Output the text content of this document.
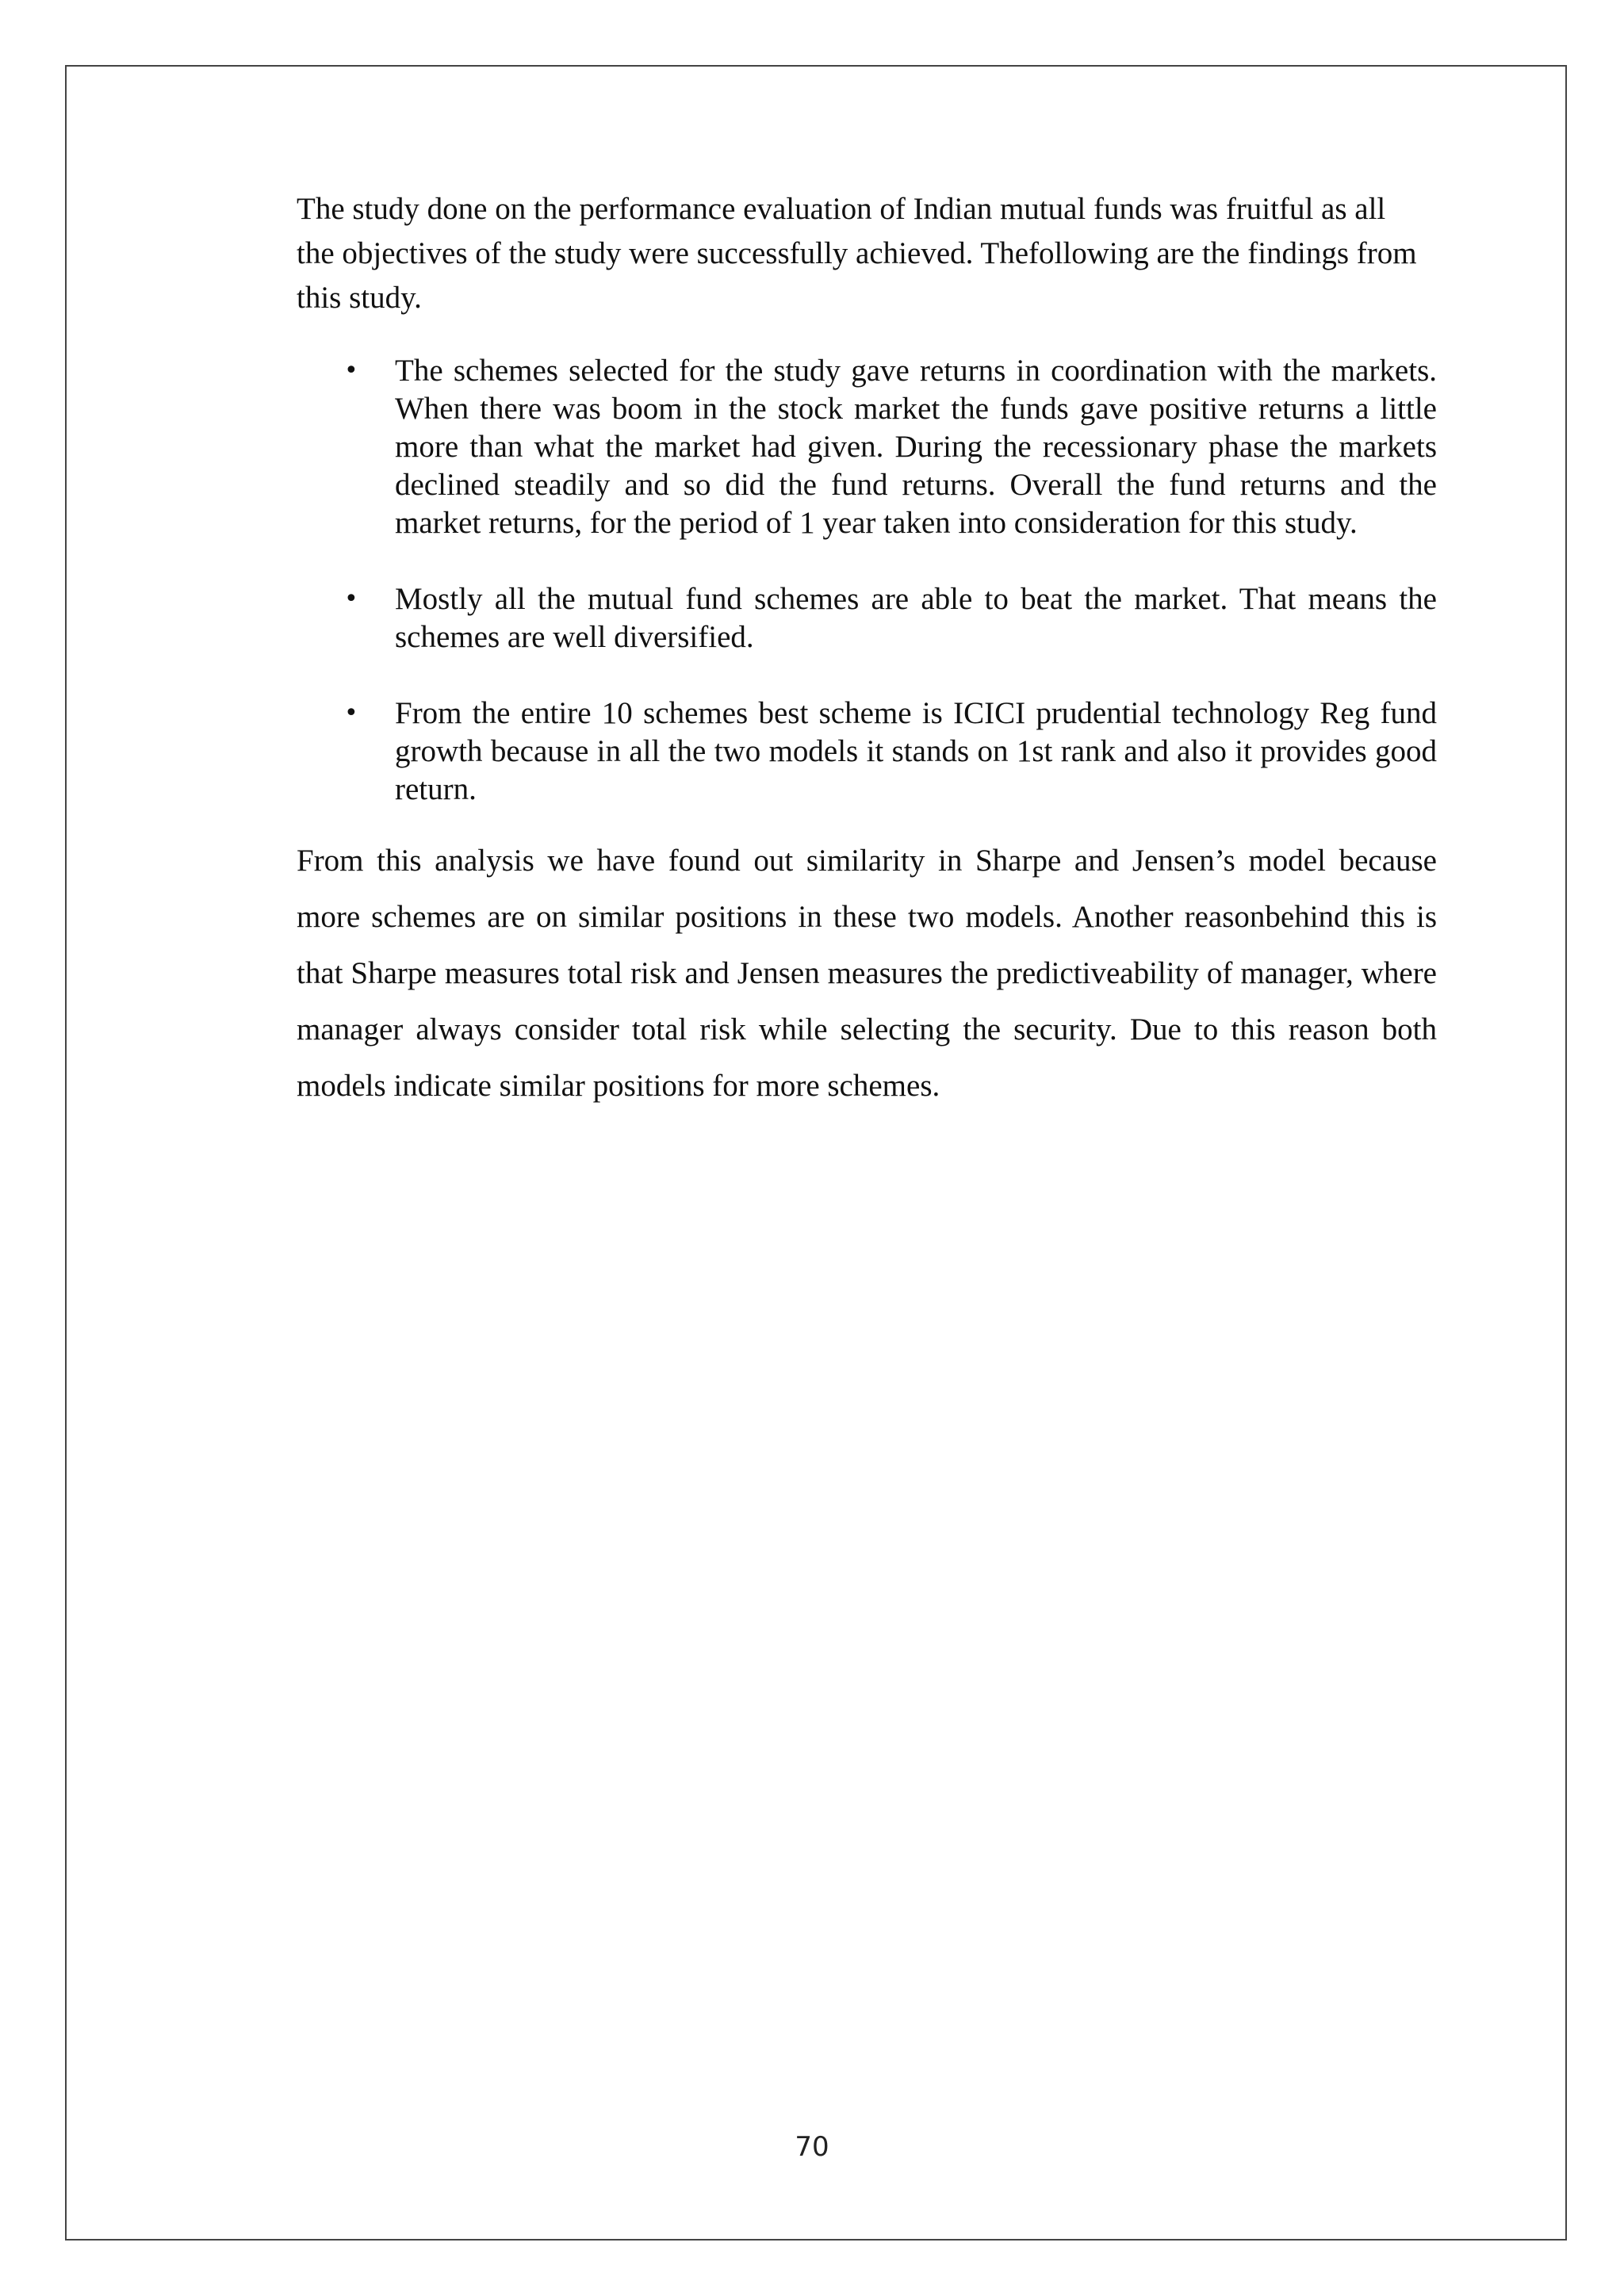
The study done on the performance evaluation of Indian mutual funds was fruitful as all the objectives of the study were successfully achieved. Thefollowing are the findings from this study.

• The schemes selected for the study gave returns in coordination with the markets. When there was boom in the stock market the funds gave positive returns a little more than what the market had given. During the recessionary phase the markets declined steadily and so did the fund returns. Overall the fund returns and the market returns, for the period of 1 year taken into consideration for this study.
• Mostly all the mutual fund schemes are able to beat the market. That means the schemes are well diversified.
• From the entire 10 schemes best scheme is ICICI prudential technology Reg fund growth because in all the two models it stands on 1st rank and also it provides good return.

From this analysis we have found out similarity in Sharpe and Jensen’s model because more schemes are on similar positions in these two models. Another reasonbehind this is that Sharpe measures total risk and Jensen measures the predictiveability of manager, where manager always consider total risk while selecting the security. Due to this reason both models indicate similar positions for more schemes.

70
